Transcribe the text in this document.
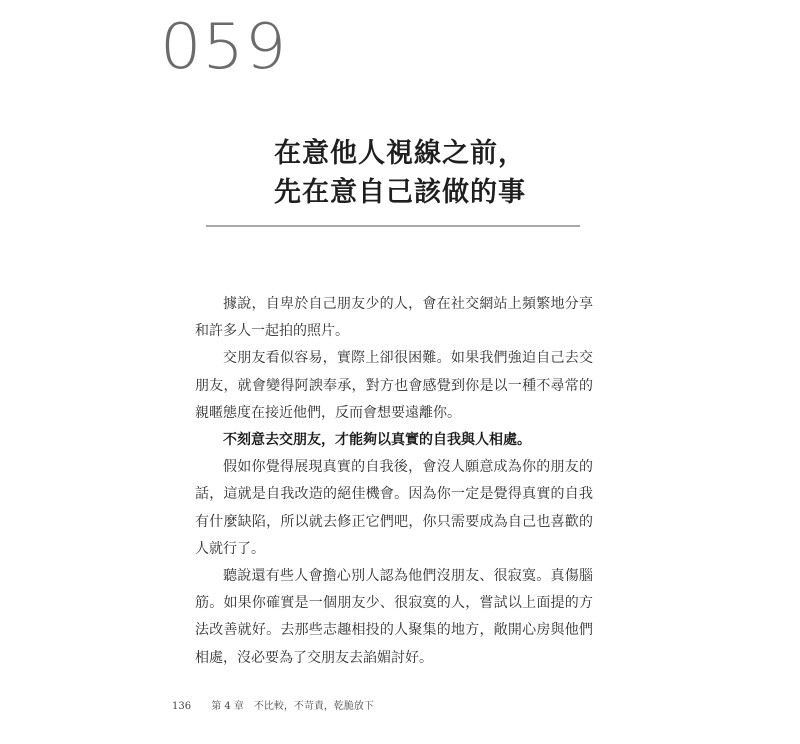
059
在意他人視線之前，
先在意自己該做的事

據說，自卑於自己朋友少的人，會在社交網站上頻繁地分享和許多人一起拍的照片。

交朋友看似容易，實際上卻很困難。如果我們強迫自己去交朋友，就會變得阿諛奉承，對方也會感覺到你是以一種不尋常的親暱態度在接近他們，反而會想要遠離你。

不刻意去交朋友，才能夠以真實的自我與人相處。

假如你覺得展現真實的自我後，會沒人願意成為你的朋友的話，這就是自我改造的絕佳機會。因為你一定是覺得真實的自我有什麼缺陷，所以就去修正它們吧，你只需要成為自己也喜歡的人就行了。

聽說還有些人會擔心別人認為他們沒朋友、很寂寞。真傷腦筋。如果你確實是一個朋友少、很寂寞的人，嘗試以上面提的方法改善就好。去那些志趣相投的人聚集的地方，敞開心房與他們相處，沒必要為了交朋友去諂媚討好。

136 第 4 章　不比較，不苛責，乾脆放下
